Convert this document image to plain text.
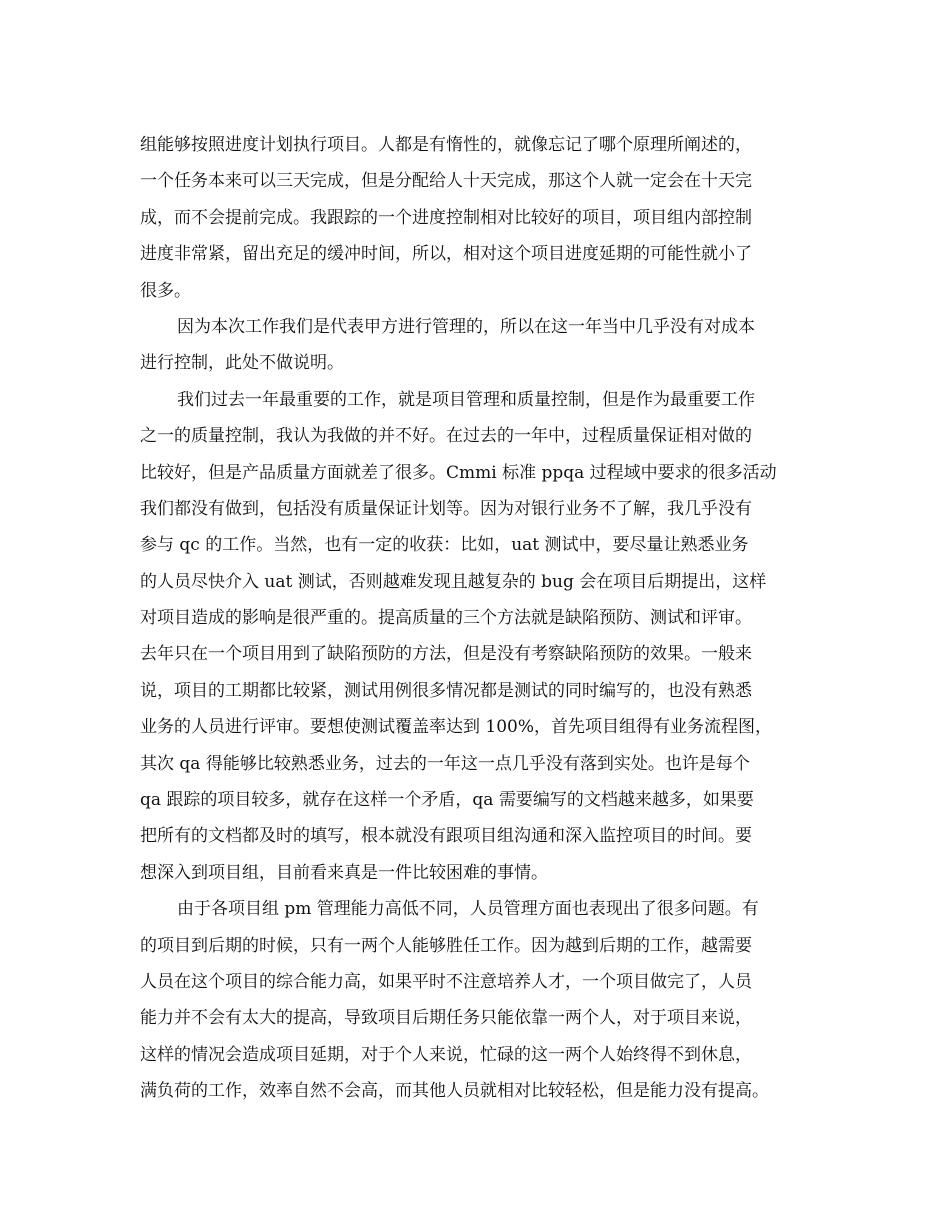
组能够按照进度计划执行项目。人都是有惰性的，就像忘记了哪个原理所阐述的，
一个任务本来可以三天完成，但是分配给人十天完成，那这个人就一定会在十天完
成，而不会提前完成。我跟踪的一个进度控制相对比较好的项目，项目组内部控制
进度非常紧，留出充足的缓冲时间，所以，相对这个项目进度延期的可能性就小了
很多。
因为本次工作我们是代表甲方进行管理的，所以在这一年当中几乎没有对成本
进行控制，此处不做说明。
我们过去一年最重要的工作，就是项目管理和质量控制，但是作为最重要工作
之一的质量控制，我认为我做的并不好。在过去的一年中，过程质量保证相对做的
比较好，但是产品质量方面就差了很多。Cmmi 标准 ppqa 过程域中要求的很多活动
我们都没有做到，包括没有质量保证计划等。因为对银行业务不了解，我几乎没有
参与 qc 的工作。当然，也有一定的收获：比如，uat 测试中，要尽量让熟悉业务
的人员尽快介入 uat 测试，否则越难发现且越复杂的 bug 会在项目后期提出，这样
对项目造成的影响是很严重的。提高质量的三个方法就是缺陷预防、测试和评审。
去年只在一个项目用到了缺陷预防的方法，但是没有考察缺陷预防的效果。一般来
说，项目的工期都比较紧，测试用例很多情况都是测试的同时编写的，也没有熟悉
业务的人员进行评审。要想使测试覆盖率达到 100%，首先项目组得有业务流程图，
其次 qa 得能够比较熟悉业务，过去的一年这一点几乎没有落到实处。也许是每个
qa 跟踪的项目较多，就存在这样一个矛盾，qa 需要编写的文档越来越多，如果要
把所有的文档都及时的填写，根本就没有跟项目组沟通和深入监控项目的时间。要
想深入到项目组，目前看来真是一件比较困难的事情。
由于各项目组 pm 管理能力高低不同，人员管理方面也表现出了很多问题。有
的项目到后期的时候，只有一两个人能够胜任工作。因为越到后期的工作，越需要
人员在这个项目的综合能力高，如果平时不注意培养人才，一个项目做完了，人员
能力并不会有太大的提高，导致项目后期任务只能依靠一两个人，对于项目来说，
这样的情况会造成项目延期，对于个人来说，忙碌的这一两个人始终得不到休息，
满负荷的工作，效率自然不会高，而其他人员就相对比较轻松，但是能力没有提高。
